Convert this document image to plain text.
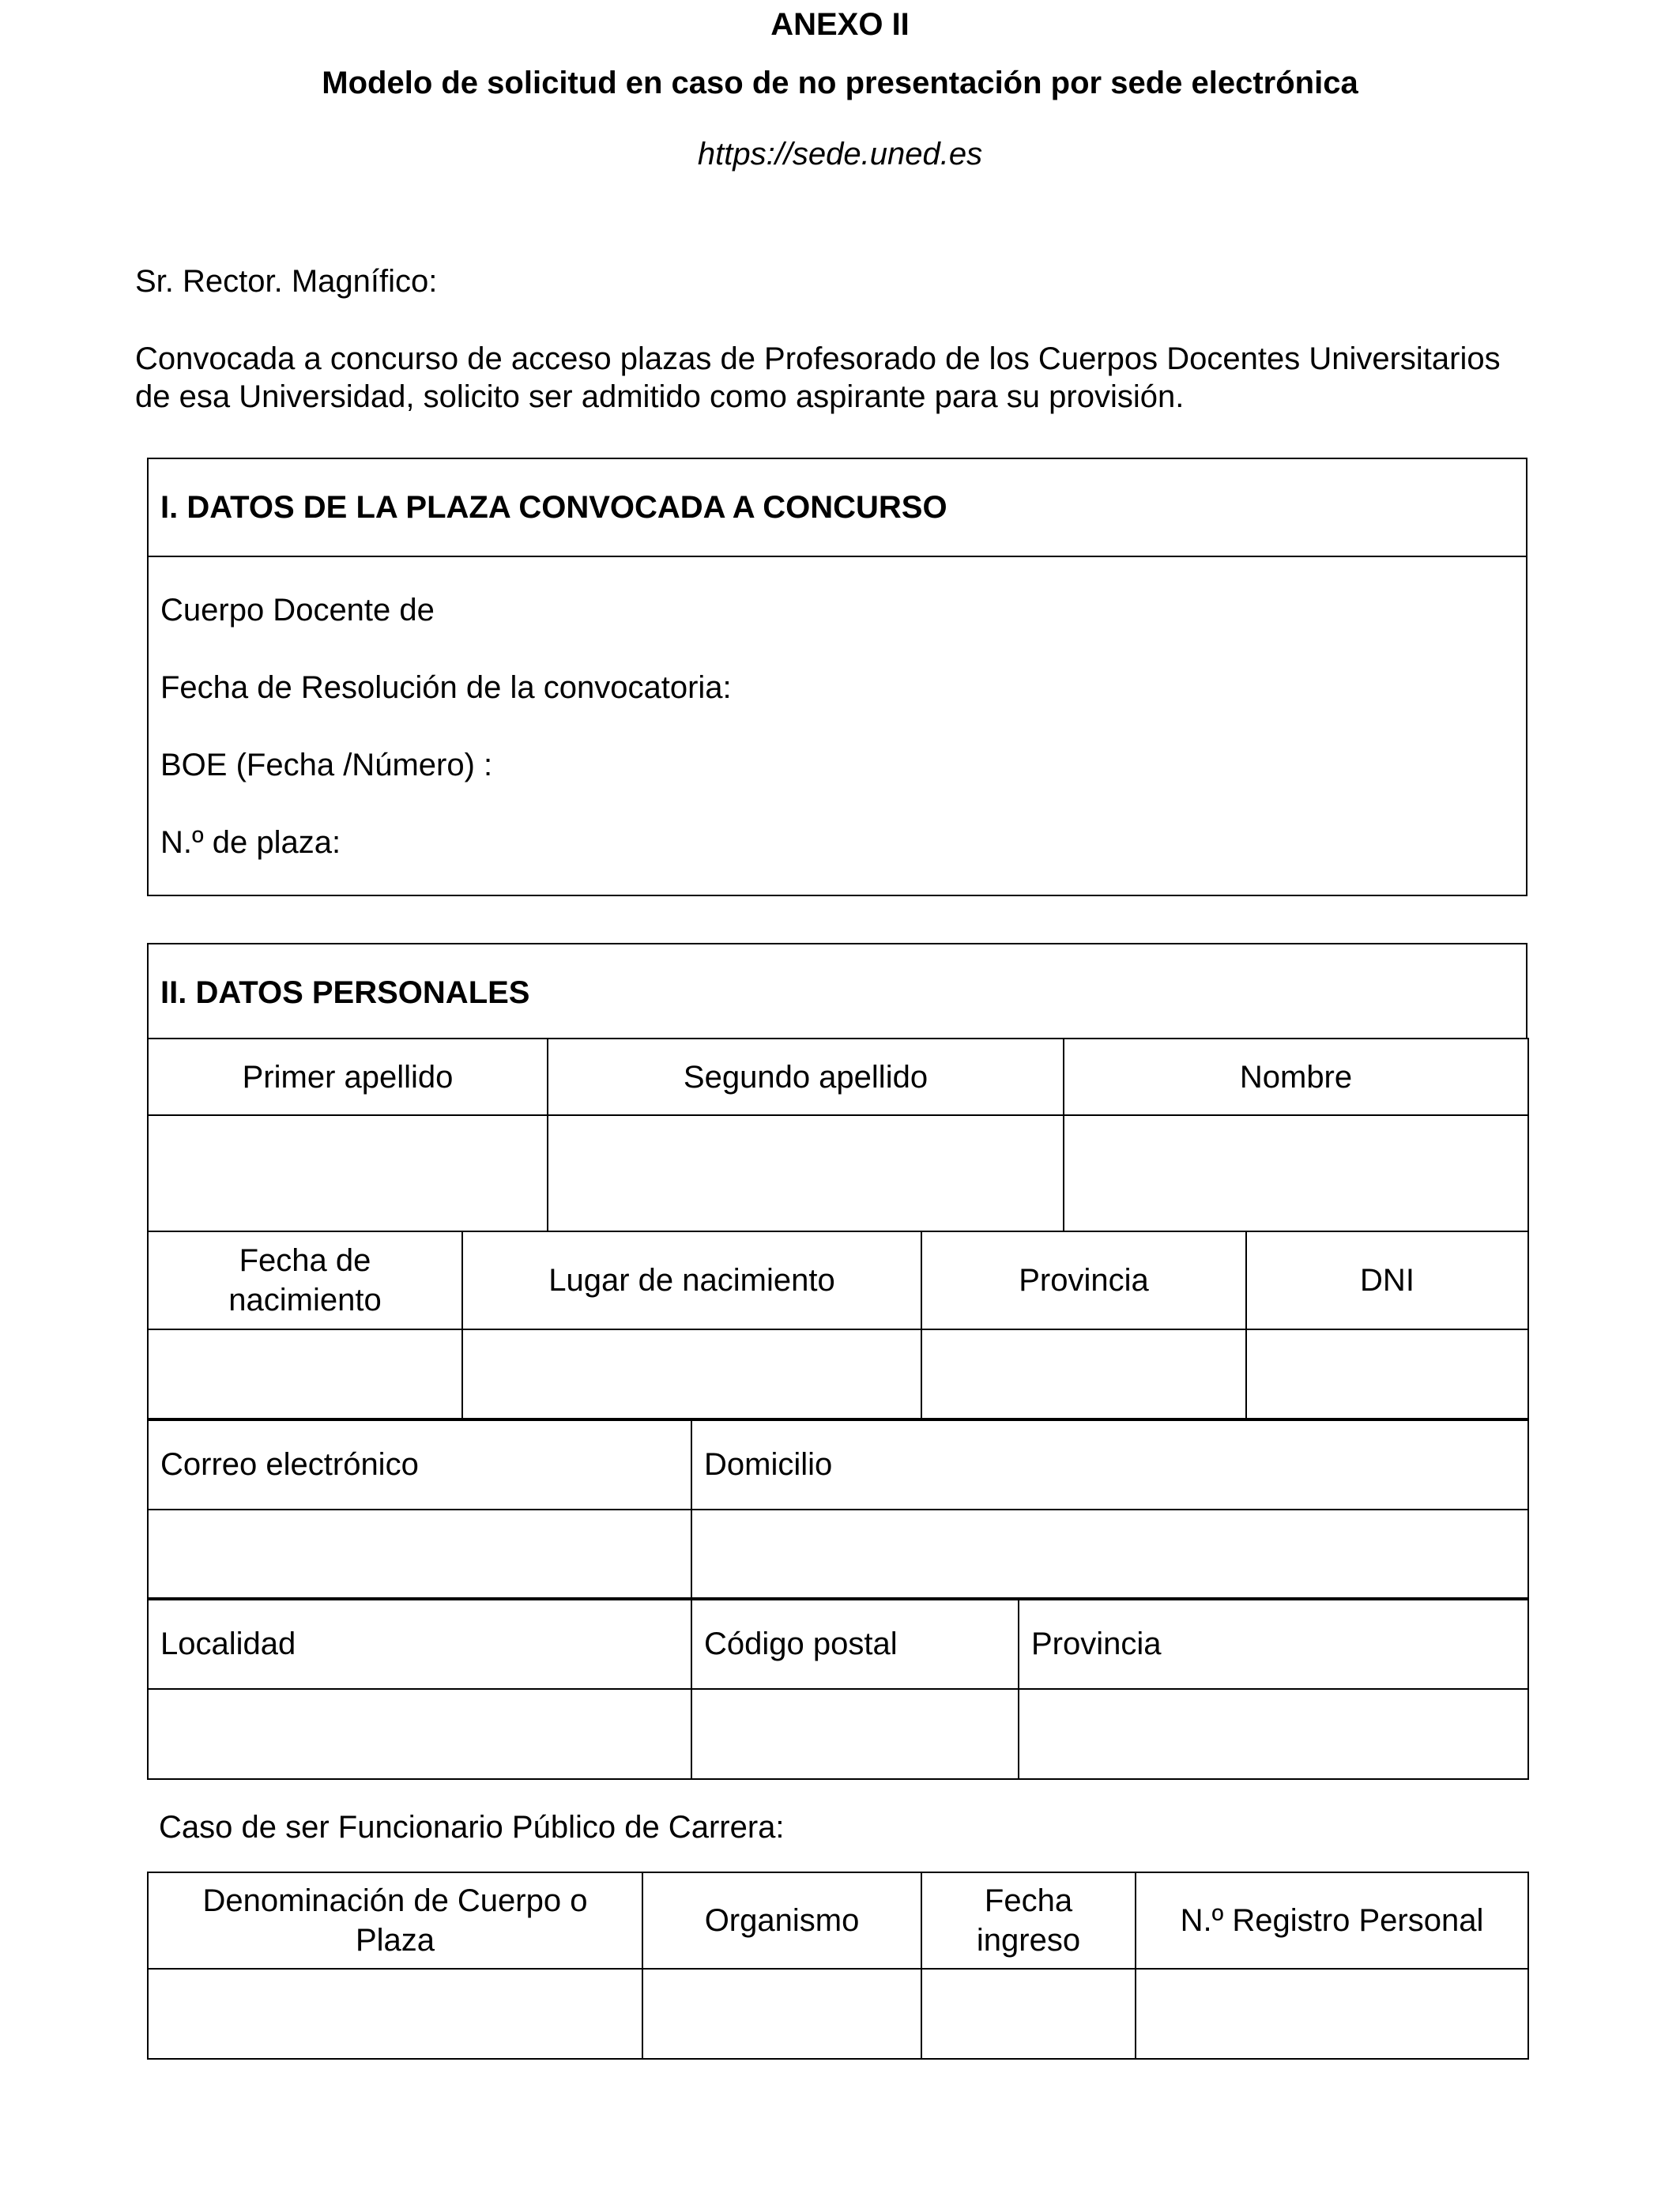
ANEXO II
Modelo de solicitud en caso de no presentación por sede electrónica
https://sede.uned.es
Sr. Rector. Magnífico:
Convocada a concurso de acceso plazas de Profesorado de los Cuerpos Docentes Universitarios
de esa Universidad, solicito ser admitido como aspirante para su provisión.
I. DATOS DE LA PLAZA CONVOCADA A CONCURSO
Cuerpo Docente de
Fecha de Resolución de la convocatoria:
BOE (Fecha /Número) :
N.º de plaza:
II. DATOS PERSONALES
Primer apellido	Segundo apellido	Nombre

Fecha de nacimiento	Lugar de nacimiento	Provincia	DNI

Correo electrónico	Domicilio

Localidad	Código postal	Provincia

Caso de ser Funcionario Público de Carrera:
Denominación de Cuerpo o Plaza	Organismo	Fecha ingreso	N.º Registro Personal
